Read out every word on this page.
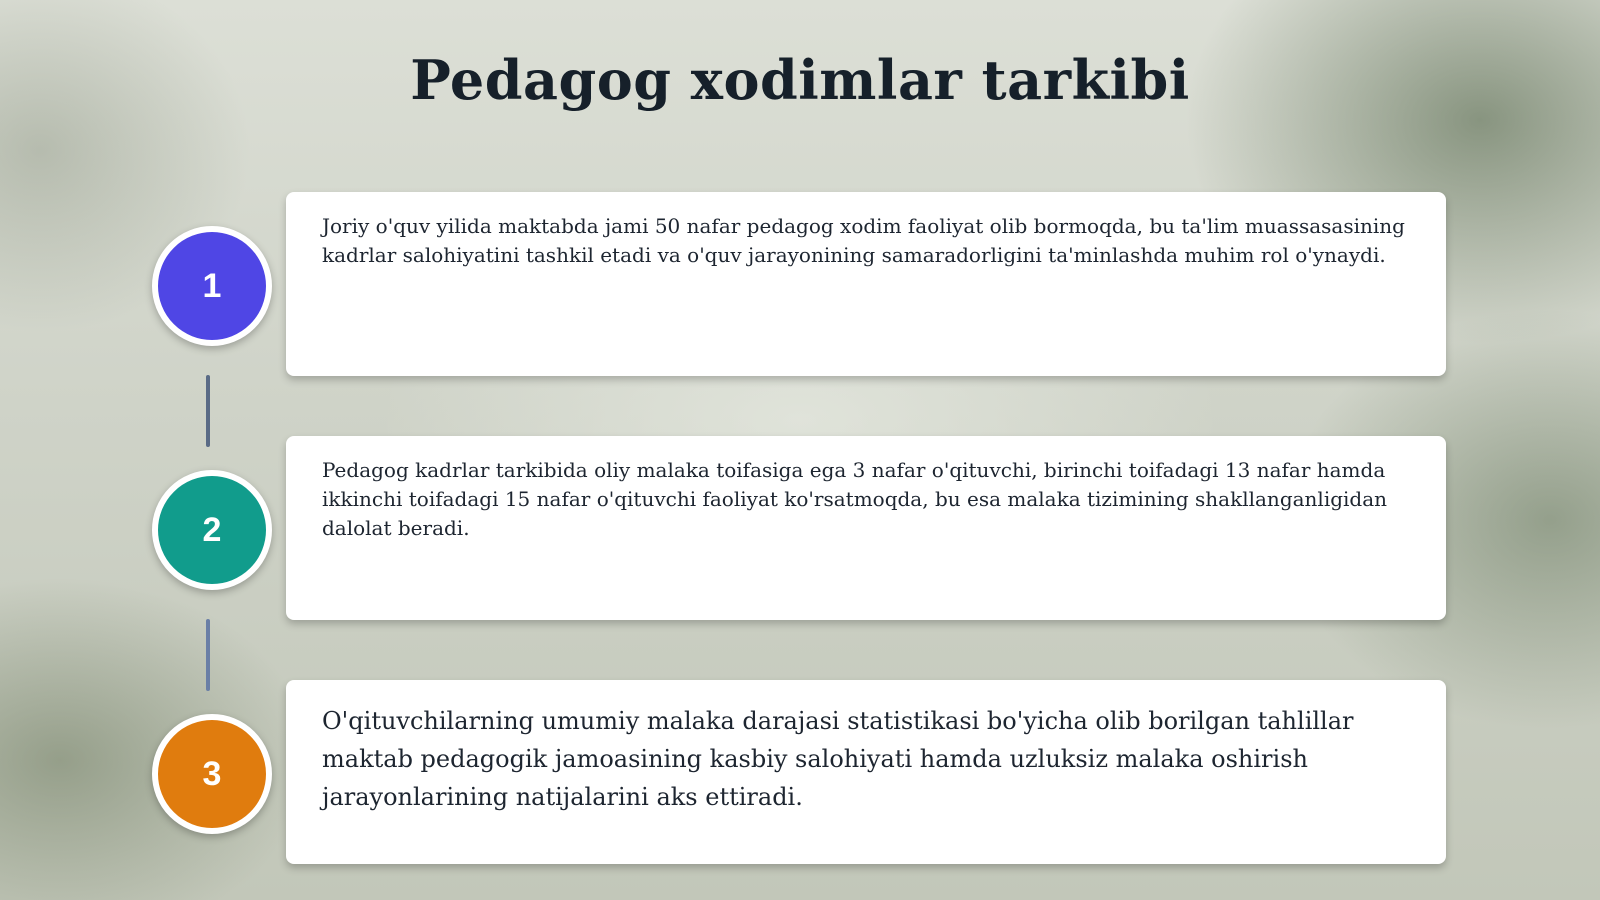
Pedagog xodimlar tarkibi
1

Joriy o'quv yilida maktabda jami 50 nafar pedagog xodim faoliyat olib bormoqda, bu ta'lim muassasasining kadrlar salohiyatini tashkil etadi va o'quv jarayonining samaradorligini ta'minlashda muhim rol o'ynaydi.

2

Pedagog kadrlar tarkibida oliy malaka toifasiga ega 3 nafar o'qituvchi, birinchi toifadagi 13 nafar hamda ikkinchi toifadagi 15 nafar o'qituvchi faoliyat ko'rsatmoqda, bu esa malaka tizimining shakllanganligidan dalolat beradi.

3

O'qituvchilarning umumiy malaka darajasi statistikasi bo'yicha olib borilgan tahlillar maktab pedagogik jamoasining kasbiy salohiyati hamda uzluksiz malaka oshirish jarayonlarining natijalarini aks ettiradi.
